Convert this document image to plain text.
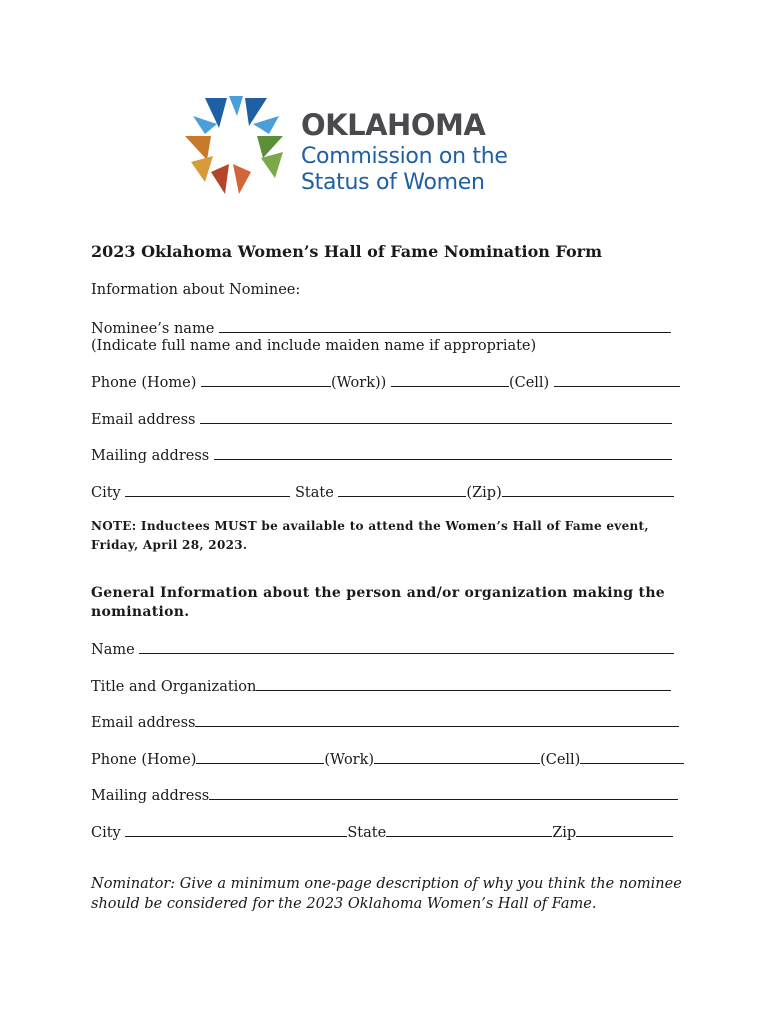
OKLAHOMA
Commission on the
Status of Women
2023 Oklahoma Women’s Hall of Fame Nomination Form
Information about Nominee:
Nominee’s name
(Indicate full name and include maiden name if appropriate)
Phone (Home)	(Work))	(Cell)
Email address
Mailing address
City	State	(Zip)
NOTE: Inductees MUST be available to attend the Women’s Hall of Fame event, Friday, April 28, 2023.
General Information about the person and/or organization making the nomination.
Name
Title and Organization
Email address
Phone (Home)	(Work)	(Cell)
Mailing address
City	State	Zip
Nominator: Give a minimum one-page description of why you think the nominee should be considered for the 2023 Oklahoma Women’s Hall of Fame.
